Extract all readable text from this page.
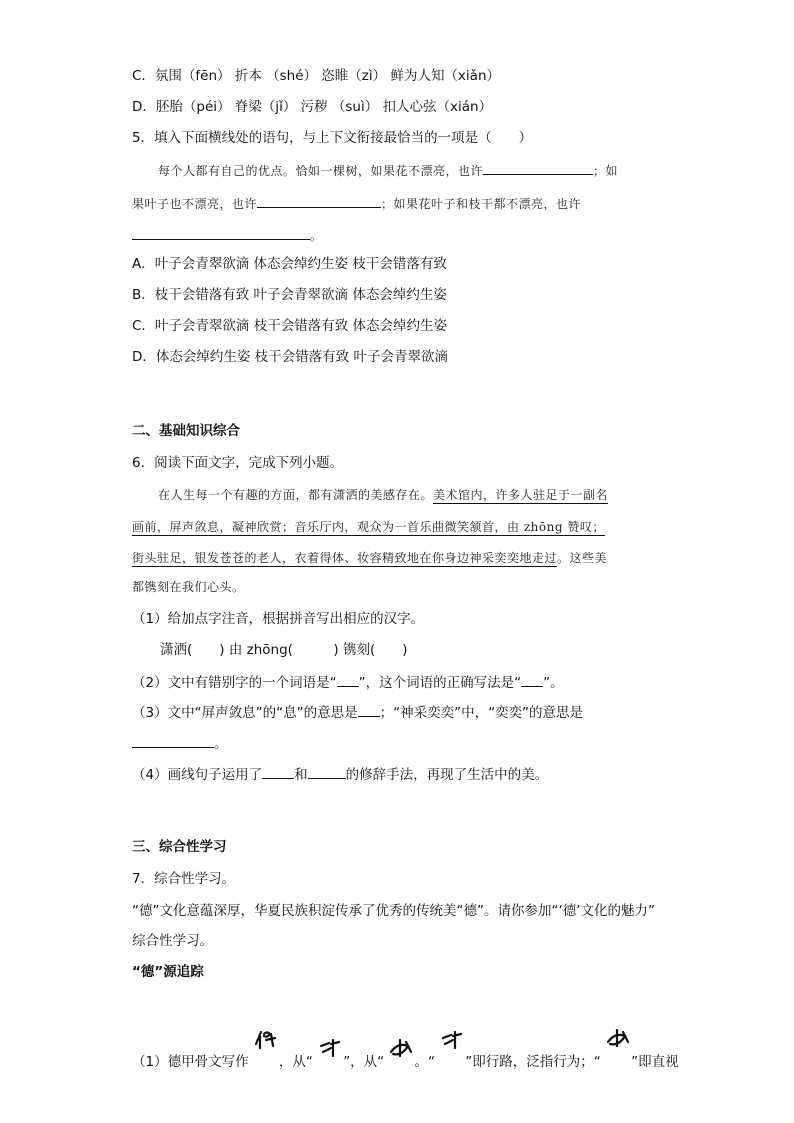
C．氛围（fēn） 折本 （shé） 恣睢（zì） 鲜为人知（xiǎn）
D．胚胎（péi） 脊梁（jǐ） 污秽 （suì） 扣人心弦（xián）
5．填入下面横线处的语句，与上下文衔接最恰当的一项是（　　）
每个人都有自己的优点。恰如一棵树，如果花不漂亮，也许	；如
果叶子也不漂亮，也许	；如果花叶子和枝干都不漂亮，也许
。
A．叶子会青翠欲滴 体态会绰约生姿 枝干会错落有致
B．枝干会错落有致 叶子会青翠欲滴 体态会绰约生姿
C．叶子会青翠欲滴 枝干会错落有致 体态会绰约生姿
D．体态会绰约生姿 枝干会错落有致 叶子会青翠欲滴
二、基础知识综合
6．阅读下面文字，完成下列小题。
在人生每一个有趣的方面，都有潇洒的美感存在。美术馆内，许多人驻足于一副名
画前，屏声敛息，凝神欣赏；音乐厅内，观众为一首乐曲微笑颔首，由 zhōng 赞叹；
街头驻足，银发苍苍的老人，衣着得体、妆容精致地在你身边神采奕奕地走过。这些美
都镌刻在我们心头。
（1）给加点字注音，根据拼音写出相应的汉字。
潇洒(　　) 由 zhōng(　　　) 镌刻(　　)
（2）文中有错别字的一个词语是“ ”，这个词语的正确写法是“ ”。
（3）文中“屏声敛息”的“息”的意思是 ；“神采奕奕”中，“奕奕”的意思是
。
（4）画线句子运用了 和	的修辞手法，再现了生活中的美。
三、综合性学习
7．综合性学习。
“德”文化意蕴深厚，华夏民族积淀传承了优秀的传统美“德”。请你参加“‘德’文化的魅力”
综合性学习。
“德”源追踪
（1）德甲骨文写作 ，从“ ”，从“ 。“ ”即行路，泛指行为；“ ”即直视
